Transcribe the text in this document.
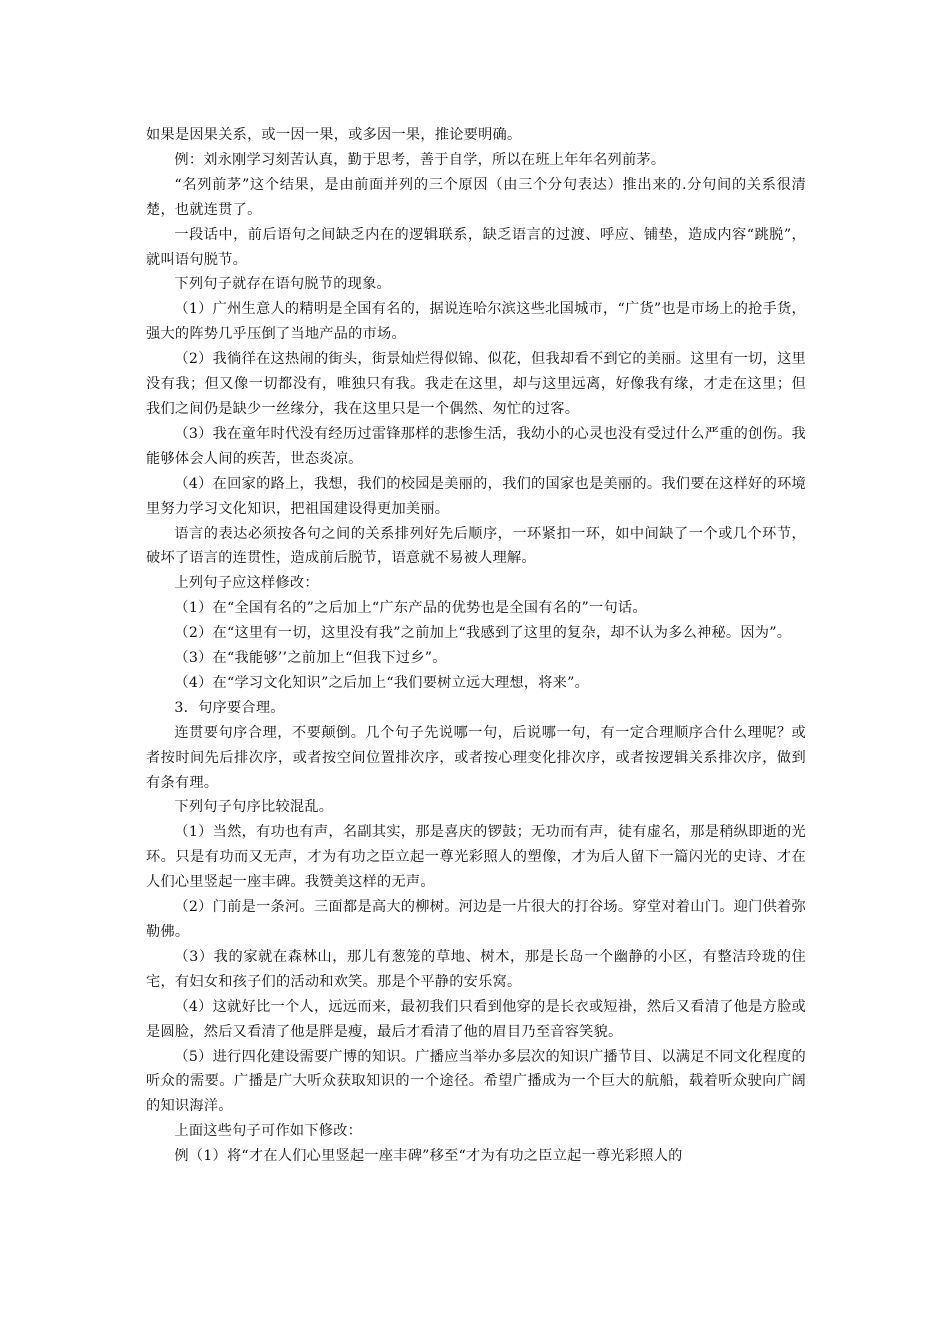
如果是因果关系，或一因一果，或多因一果，推论要明确。

例：刘永刚学习刻苦认真，勤于思考，善于自学，所以在班上年年名列前茅。

“名列前茅”这个结果，是由前面并列的三个原因（由三个分句表达）推出来的.分句间的关系很清楚，也就连贯了。

一段话中，前后语句之间缺乏内在的逻辑联系，缺乏语言的过渡、呼应、铺垫，造成内容“跳脱”，就叫语句脱节。

下列句子就存在语句脱节的现象。

（1）广州生意人的精明是全国有名的，据说连哈尔滨这些北国城市，“广货”也是市场上的抢手货，强大的阵势几乎压倒了当地产品的市场。

（2）我徜徉在这热闹的街头，街景灿烂得似锦、似花，但我却看不到它的美丽。这里有一切，这里没有我；但又像一切都没有，唯独只有我。我走在这里，却与这里远离，好像我有缘，才走在这里；但我们之间仍是缺少一丝缘分，我在这里只是一个偶然、匆忙的过客。

（3）我在童年时代没有经历过雷锋那样的悲惨生活，我幼小的心灵也没有受过什么严重的创伤。我能够体会人间的疾苦，世态炎凉。

（4）在回家的路上，我想，我们的校园是美丽的，我们的国家也是美丽的。我们要在这样好的环境里努力学习文化知识，把祖国建设得更加美丽。

语言的表达必须按各句之间的关系排列好先后顺序，一环紧扣一环，如中间缺了一个或几个环节，破坏了语言的连贯性，造成前后脱节，语意就不易被人理解。

上列句子应这样修改：

（1）在“全国有名的”之后加上“广东产品的优势也是全国有名的”一句话。

（2）在“这里有一切，这里没有我”之前加上“我感到了这里的复杂，却不认为多么神秘。因为”。

（3）在“我能够’’之前加上“但我下过乡”。

（4）在“学习文化知识”之后加上“我们要树立远大理想，将来”。

3．句序要合理。

连贯要句序合理，不要颠倒。几个句子先说哪一句，后说哪一句，有一定合理顺序合什么理呢？或者按时间先后排次序，或者按空间位置排次序，或者按心理变化排次序，或者按逻辑关系排次序，做到有条有理。

下列句子句序比较混乱。

（1）当然，有功也有声，名副其实，那是喜庆的锣鼓；无功而有声，徒有虚名，那是稍纵即逝的光环。只是有功而又无声，才为有功之臣立起一尊光彩照人的塑像，才为后人留下一篇闪光的史诗、才在人们心里竖起一座丰碑。我赞美这样的无声。

（2）门前是一条河。三面都是高大的柳树。河边是一片很大的打谷场。穿堂对着山门。迎门供着弥勒佛。

（3）我的家就在森林山，那儿有葱笼的草地、树木，那是长岛一个幽静的小区，有整洁玲珑的住宅，有妇女和孩子们的活动和欢笑。那是个平静的安乐窝。

（4）这就好比一个人，远远而来，最初我们只看到他穿的是长衣或短褂，然后又看清了他是方脸或是圆脸，然后又看清了他是胖是瘦，最后才看清了他的眉目乃至音容笑貌。

（5）进行四化建设需要广博的知识。广播应当举办多层次的知识广播节目、以满足不同文化程度的听众的需要。广播是广大听众获取知识的一个途径。希望广播成为一个巨大的航船，载着听众驶向广阔的知识海洋。

上面这些句子可作如下修改：

例（1）将“才在人们心里竖起一座丰碑”移至“才为有功之臣立起一尊光彩照人的
